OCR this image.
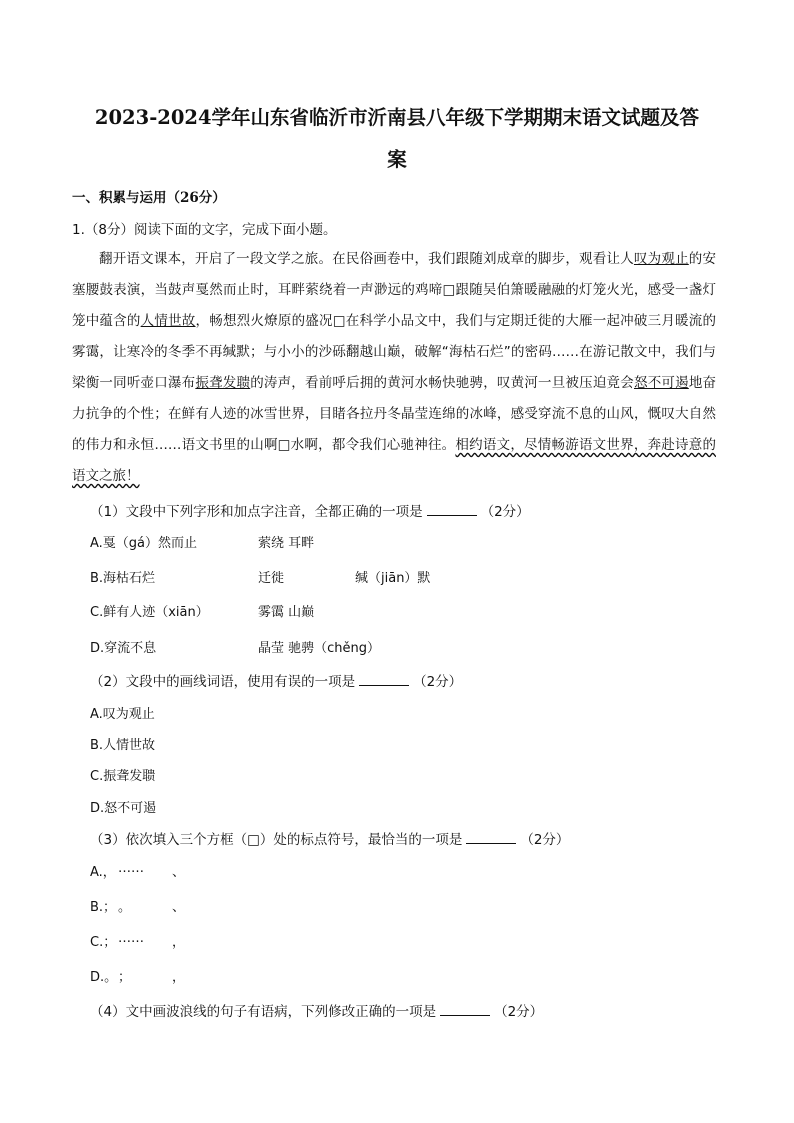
2023-2024学年山东省临沂市沂南县八年级下学期期末语文试题及答
案
一、积累与运用（26分）
1.（8分）阅读下面的文字，完成下面小题。
翻开语文课本，开启了一段文学之旅。在民俗画卷中，我们跟随刘成章的脚步，观看让人叹为观止的安塞腰鼓表演，当鼓声戛然而止时，耳畔萦绕着一声渺远的鸡啼□跟随吴伯箫暖融融的灯笼火光，感受一盏灯笼中蕴含的人情世故，畅想烈火燎原的盛况□在科学小品文中，我们与定期迁徙的大雁一起冲破三月暖流的雾霭，让寒冷的冬季不再缄默；与小小的沙砾翻越山巅，破解“海枯石烂”的密码……在游记散文中，我们与梁衡一同听壶口瀑布振聋发聩的涛声，看前呼后拥的黄河水畅快驰骋，叹黄河一旦被压迫竟会怒不可遏地奋力抗争的个性；在鲜有人迹的冰雪世界，目睹各拉丹冬晶莹连绵的冰峰，感受穿流不息的山风，慨叹大自然的伟力和永恒……语文书里的山啊□水啊，都令我们心驰神往。相约语文，尽情畅游语文世界，奔赴诗意的语文之旅！
（1）文段中下列字形和加点字注音，全都正确的一项是	（2分）
A.戛（gá）然而止	萦绕 耳畔
B.海枯石烂	迁徙	缄（jiān）默
C.鲜有人迹（xiān）	雾霭 山巅
D.穿流不息	晶莹 驰骋（chěng）
（2）文段中的画线词语，使用有误的一项是	（2分）
A.叹为观止
B.人情世故
C.振聋发聩
D.怒不可遏
（3）依次填入三个方框（□）处的标点符号，最恰当的一项是	（2分）
A.， …… 、
B.； 。	、
C.； …… ，
D.。 ；	，
（4）文中画波浪线的句子有语病，下列修改正确的一项是	（2分）
